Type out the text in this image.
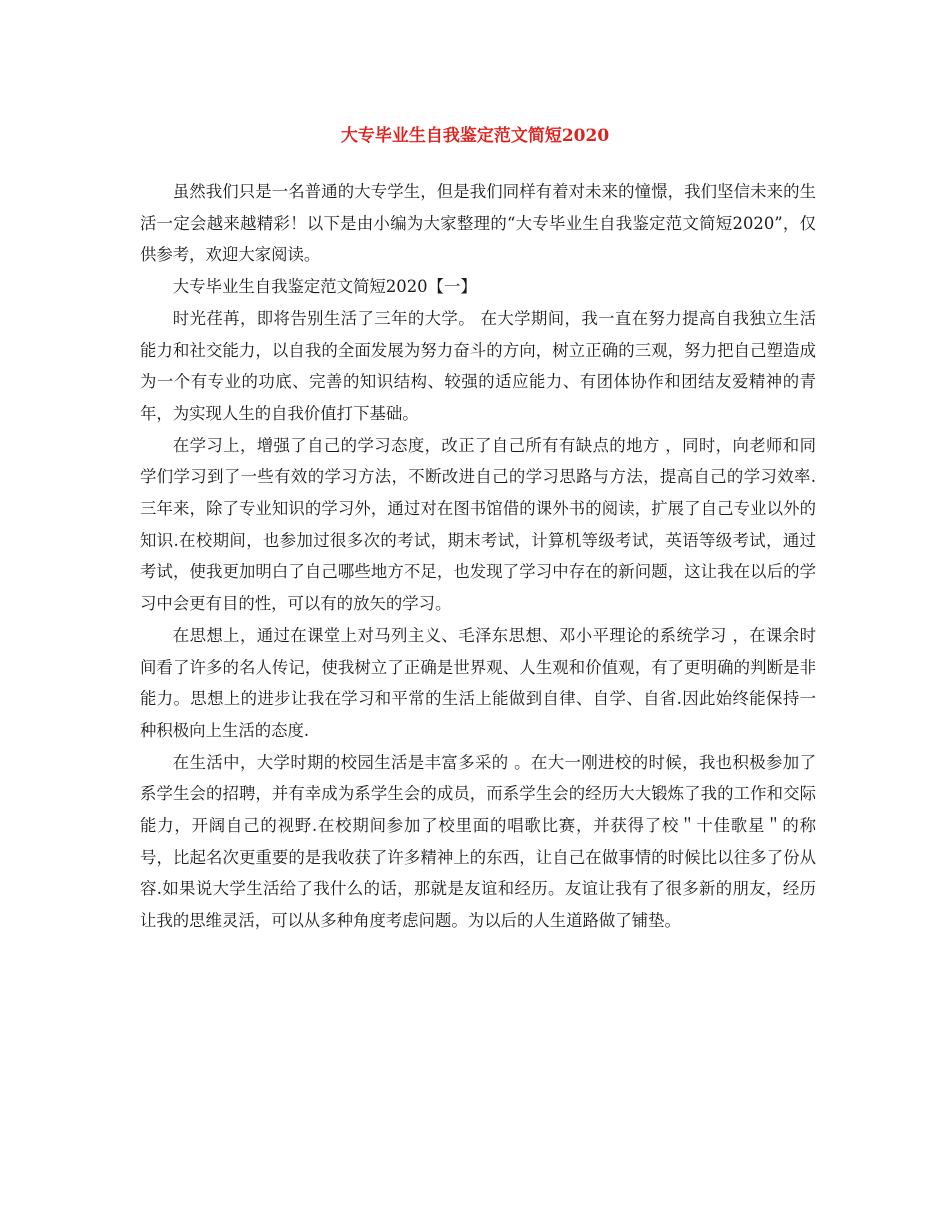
大专毕业生自我鉴定范文简短2020

虽然我们只是一名普通的大专学生，但是我们同样有着对未来的憧憬，我们坚信未来的生活一定会越来越精彩！以下是由小编为大家整理的“大专毕业生自我鉴定范文简短2020”，仅供参考，欢迎大家阅读。

大专毕业生自我鉴定范文简短2020【一】

时光荏苒，即将告别生活了三年的大学。 在大学期间，我一直在努力提高自我独立生活能力和社交能力，以自我的全面发展为努力奋斗的方向，树立正确的三观，努力把自己塑造成为一个有专业的功底、完善的知识结构、较强的适应能力、有团体协作和团结友爱精神的青年，为实现人生的自我价值打下基础。

在学习上，增强了自己的学习态度，改正了自己所有有缺点的地方 ，同时，向老师和同学们学习到了一些有效的学习方法，不断改进自己的学习思路与方法，提高自己的学习效率.三年来，除了专业知识的学习外，通过对在图书馆借的课外书的阅读，扩展了自己专业以外的知识.在校期间，也参加过很多次的考试，期末考试，计算机等级考试，英语等级考试，通过考试，使我更加明白了自己哪些地方不足，也发现了学习中存在的新问题，这让我在以后的学习中会更有目的性，可以有的放矢的学习。

在思想上，通过在课堂上对马列主义、毛泽东思想、邓小平理论的系统学习 ，在课余时间看了许多的名人传记，使我树立了正确是世界观、人生观和价值观，有了更明确的判断是非能力。思想上的进步让我在学习和平常的生活上能做到自律、自学、自省.因此始终能保持一种积极向上生活的态度.

在生活中，大学时期的校园生活是丰富多采的 。在大一刚进校的时候，我也积极参加了系学生会的招聘，并有幸成为系学生会的成员，而系学生会的经历大大锻炼了我的工作和交际能力，开阔自己的视野.在校期间参加了校里面的唱歌比赛，并获得了校＂十佳歌星＂的称号，比起名次更重要的是我收获了许多精神上的东西，让自己在做事情的时候比以往多了份从容.如果说大学生活给了我什么的话，那就是友谊和经历。友谊让我有了很多新的朋友，经历让我的思维灵活，可以从多种角度考虑问题。为以后的人生道路做了铺垫。
